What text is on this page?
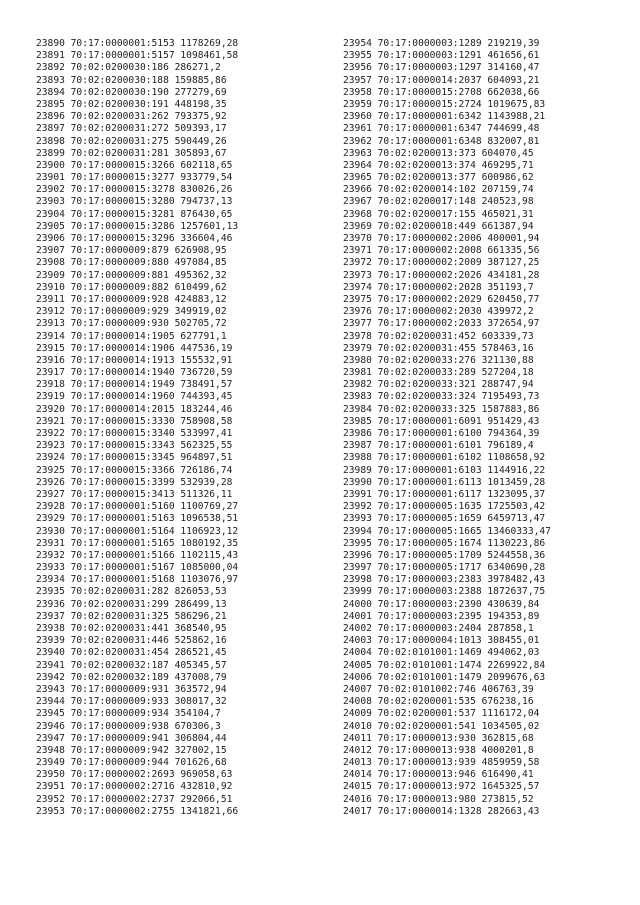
23890 70:17:0000001:5153 1178269,28
23891 70:17:0000001:5157 1098461,58
23892 70:02:0200030:186 286271,2
23893 70:02:0200030:188 159885,86
23894 70:02:0200030:190 277279,69
23895 70:02:0200030:191 448198,35
23896 70:02:0200031:262 793375,92
23897 70:02:0200031:272 509393,17
23898 70:02:0200031:275 590449,26
23899 70:02:0200031:281 305893,67
23900 70:17:0000015:3266 602118,65
23901 70:17:0000015:3277 933779,54
23902 70:17:0000015:3278 830026,26
23903 70:17:0000015:3280 794737,13
23904 70:17:0000015:3281 876430,65
23905 70:17:0000015:3286 1257601,13
23906 70:17:0000015:3296 336604,46
23907 70:17:0000009:879 626908,95
23908 70:17:0000009:880 497084,85
23909 70:17:0000009:881 495362,32
23910 70:17:0000009:882 610499,62
23911 70:17:0000009:928 424883,12
23912 70:17:0000009:929 349919,02
23913 70:17:0000009:930 502705,72
23914 70:17:0000014:1905 627791,1
23915 70:17:0000014:1906 447536,19
23916 70:17:0000014:1913 155532,91
23917 70:17:0000014:1940 736720,59
23918 70:17:0000014:1949 738491,57
23919 70:17:0000014:1960 744393,45
23920 70:17:0000014:2015 183244,46
23921 70:17:0000015:3330 758908,58
23922 70:17:0000015:3340 533997,41
23923 70:17:0000015:3343 562325,55
23924 70:17:0000015:3345 964897,51
23925 70:17:0000015:3366 726186,74
23926 70:17:0000015:3399 532939,28
23927 70:17:0000015:3413 511326,11
23928 70:17:0000001:5160 1100769,27
23929 70:17:0000001:5163 1096538,51
23930 70:17:0000001:5164 1106923,12
23931 70:17:0000001:5165 1080192,35
23932 70:17:0000001:5166 1102115,43
23933 70:17:0000001:5167 1085000,04
23934 70:17:0000001:5168 1103076,97
23935 70:02:0200031:282 826053,53
23936 70:02:0200031:299 286499,13
23937 70:02:0200031:325 586296,21
23938 70:02:0200031:441 368540,95
23939 70:02:0200031:446 525862,16
23940 70:02:0200031:454 286521,45
23941 70:02:0200032:187 405345,57
23942 70:02:0200032:189 437008,79
23943 70:17:0000009:931 363572,94
23944 70:17:0000009:933 308017,32
23945 70:17:0000009:934 354104,7
23946 70:17:0000009:938 670306,3
23947 70:17:0000009:941 306804,44
23948 70:17:0000009:942 327002,15
23949 70:17:0000009:944 701626,68
23950 70:17:0000002:2693 969058,63
23951 70:17:0000002:2716 432810,92
23952 70:17:0000002:2737 292066,51
23953 70:17:0000002:2755 1341821,66
23954 70:17:0000003:1289 219219,39
23955 70:17:0000003:1291 461656,61
23956 70:17:0000003:1297 314160,47
23957 70:17:0000014:2037 604093,21
23958 70:17:0000015:2708 662038,66
23959 70:17:0000015:2724 1019675,83
23960 70:17:0000001:6342 1143988,21
23961 70:17:0000001:6347 744699,48
23962 70:17:0000001:6348 832007,81
23963 70:02:0200013:373 604070,45
23964 70:02:0200013:374 469295,71
23965 70:02:0200013:377 600986,62
23966 70:02:0200014:102 207159,74
23967 70:02:0200017:148 240523,98
23968 70:02:0200017:155 465021,31
23969 70:02:0200018:449 661387,94
23970 70:17:0000002:2006 400001,94
23971 70:17:0000002:2008 661335,56
23972 70:17:0000002:2009 387127,25
23973 70:17:0000002:2026 434181,28
23974 70:17:0000002:2028 351193,7
23975 70:17:0000002:2029 620450,77
23976 70:17:0000002:2030 439972,2
23977 70:17:0000002:2033 372654,97
23978 70:02:0200031:452 603339,73
23979 70:02:0200031:455 578463,16
23980 70:02:0200033:276 321130,88
23981 70:02:0200033:289 527204,18
23982 70:02:0200033:321 288747,94
23983 70:02:0200033:324 7195493,73
23984 70:02:0200033:325 1587883,86
23985 70:17:0000001:6091 951429,43
23986 70:17:0000001:6100 794364,39
23987 70:17:0000001:6101 796189,4
23988 70:17:0000001:6102 1108658,92
23989 70:17:0000001:6103 1144916,22
23990 70:17:0000001:6113 1013459,28
23991 70:17:0000001:6117 1323095,37
23992 70:17:0000005:1635 1725503,42
23993 70:17:0000005:1659 6459713,47
23994 70:17:0000005:1665 13460333,47
23995 70:17:0000005:1674 1130223,86
23996 70:17:0000005:1709 5244558,36
23997 70:17:0000005:1717 6340690,28
23998 70:17:0000003:2383 3978482,43
23999 70:17:0000003:2388 1872637,75
24000 70:17:0000003:2390 430639,84
24001 70:17:0000003:2395 194353,89
24002 70:17:0000003:2404 287858,1
24003 70:17:0000004:1013 308455,01
24004 70:02:0101001:1469 494062,03
24005 70:02:0101001:1474 2269922,84
24006 70:02:0101001:1479 2099676,63
24007 70:02:0101002:746 406763,39
24008 70:02:0200001:535 676238,16
24009 70:02:0200001:537 1116172,04
24010 70:02:0200001:541 1034505,02
24011 70:17:0000013:930 362815,68
24012 70:17:0000013:938 4000201,8
24013 70:17:0000013:939 4859959,58
24014 70:17:0000013:946 616490,41
24015 70:17:0000013:972 1645325,57
24016 70:17:0000013:980 273815,52
24017 70:17:0000014:1328 282663,43
